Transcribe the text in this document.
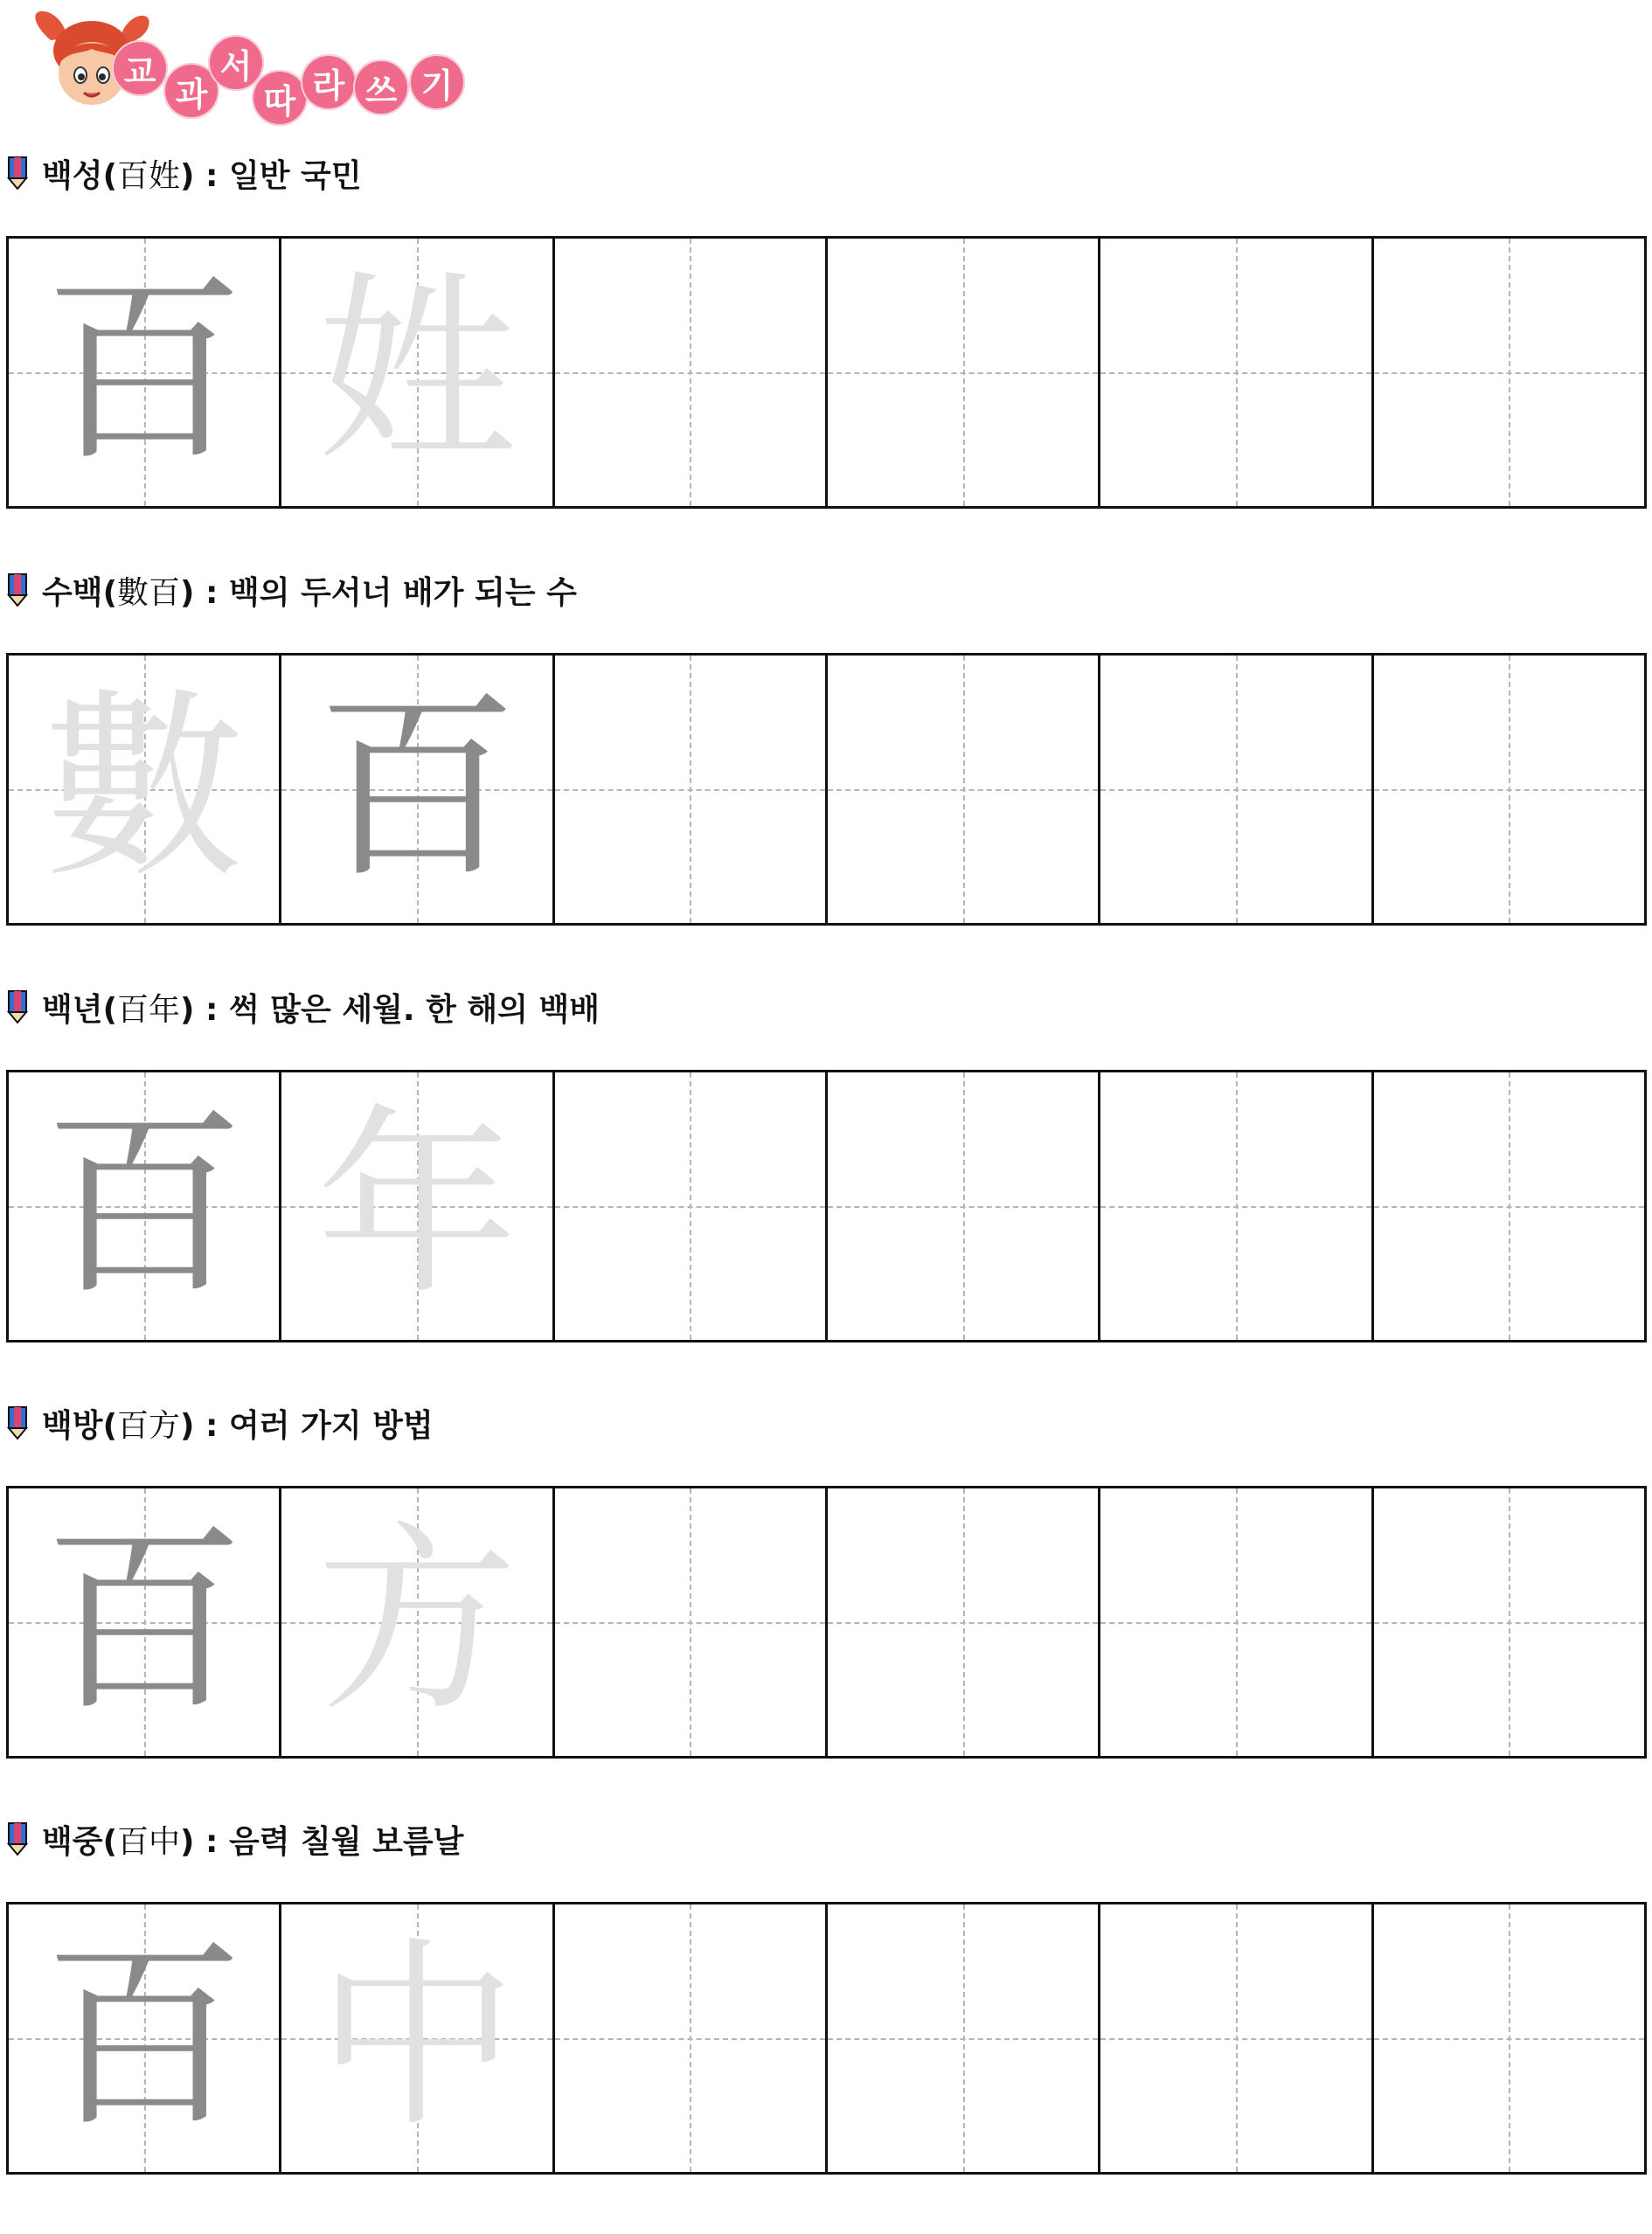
교
과
서
따 라 쓰 기
백성(百姓) : 일반 국민
百 姓
수백(數百) : 백의 두서너 배가 되는 수
數 百
백년(百年) : 썩 많은 세월. 한 해의 백배
百 年
백방(百方) : 여러 가지 방법
百 方
백중(百中) : 음력 칠월 보름날
百 中
